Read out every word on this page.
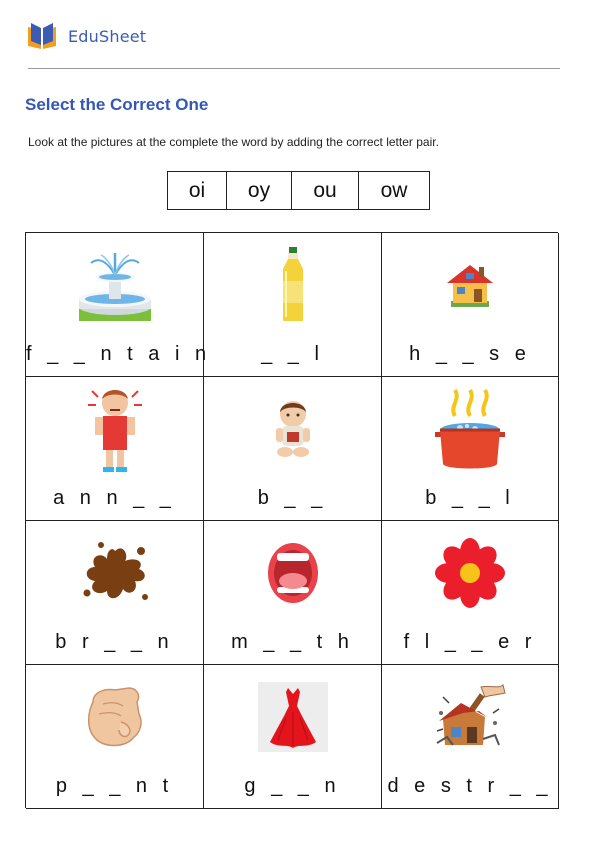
EduSheet
Select the Correct One
Look at the pictures at the complete the word by adding the correct letter pair.
oi	oy	ou	ow
f _ _ n t a i n	_ _ l	h _ _ s e
a n n _ _	b _ _	b _ _ l
b r _ _ n	m _ _ t h	f l _ _ e r
p _ _ n t	g _ _ n	d e s t r _ _
